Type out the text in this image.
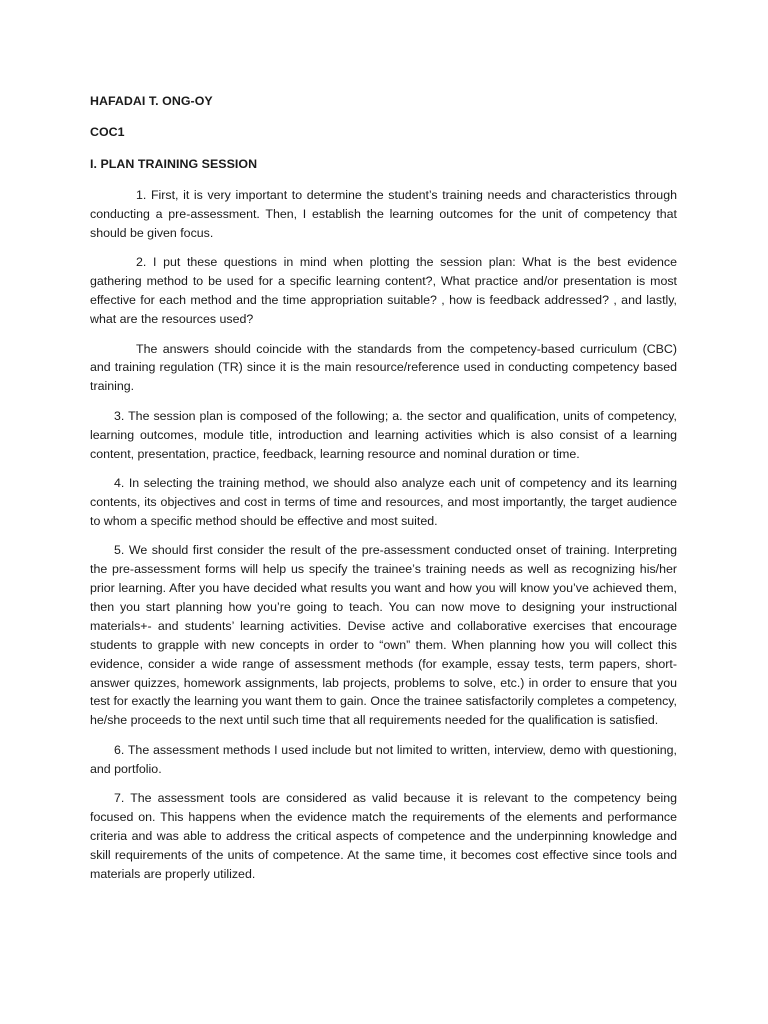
HAFADAI T. ONG-OY
COC1
I. PLAN TRAINING SESSION

1. First, it is very important to determine the student’s training needs and characteristics through conducting a pre-assessment. Then, I establish the learning outcomes for the unit of competency that should be given focus.

2. I put these questions in mind when plotting the session plan: What is the best evidence gathering method to be used for a specific learning content?, What practice and/or presentation is most effective for each method and the time appropriation suitable? , how is feedback addressed? , and lastly, what are the resources used?

The answers should coincide with the standards from the competency-based curriculum (CBC) and training regulation (TR) since it is the main resource/reference used in conducting competency based training.

3. The session plan is composed of the following; a. the sector and qualification, units of competency, learning outcomes, module title, introduction and learning activities which is also consist of a learning content, presentation, practice, feedback, learning resource and nominal duration or time.

4. In selecting the training method, we should also analyze each unit of competency and its learning contents, its objectives and cost in terms of time and resources, and most importantly, the target audience to whom a specific method should be effective and most suited.

5. We should first consider the result of the pre-assessment conducted onset of training. Interpreting the pre-assessment forms will help us specify the trainee’s training needs as well as recognizing his/her prior learning. After you have decided what results you want and how you will know you’ve achieved them, then you start planning how you’re going to teach. You can now move to designing your instructional materials+- and students’ learning activities. Devise active and collaborative exercises that encourage students to grapple with new concepts in order to “own” them. When planning how you will collect this evidence, consider a wide range of assessment methods (for example, essay tests, term papers, short-answer quizzes, homework assignments, lab projects, problems to solve, etc.) in order to ensure that you test for exactly the learning you want them to gain. Once the trainee satisfactorily completes a competency, he/she proceeds to the next until such time that all requirements needed for the qualification is satisfied.

6. The assessment methods I used include but not limited to written, interview, demo with questioning, and portfolio.

7. The assessment tools are considered as valid because it is relevant to the competency being focused on. This happens when the evidence match the requirements of the elements and performance criteria and was able to address the critical aspects of competence and the underpinning knowledge and skill requirements of the units of competence. At the same time, it becomes cost effective since tools and materials are properly utilized.
